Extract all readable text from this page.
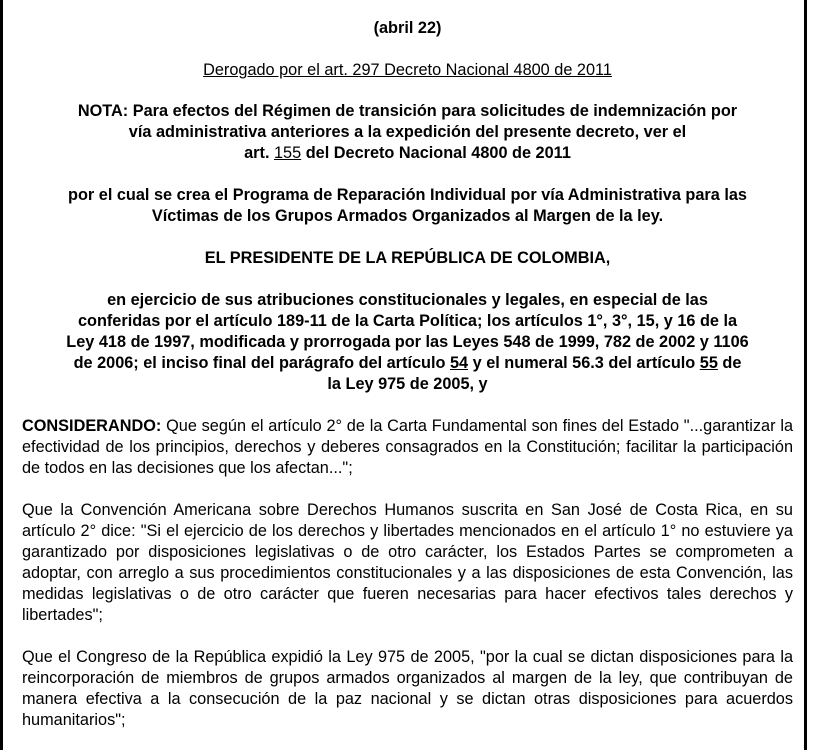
(abril 22)

Derogado por el art. 297 Decreto Nacional 4800 de 2011

NOTA: Para efectos del Régimen de transición para solicitudes de indemnización por

vía administrativa anteriores a la expedición del presente decreto, ver el

art. 155 del Decreto Nacional 4800 de 2011

por el cual se crea el Programa de Reparación Individual por vía Administrativa para las

Víctimas de los Grupos Armados Organizados al Margen de la ley.

EL PRESIDENTE DE LA REPÚBLICA DE COLOMBIA,

en ejercicio de sus atribuciones constitucionales y legales, en especial de las

conferidas por el artículo 189-11 de la Carta Política; los artículos 1°, 3°, 15, y 16 de la

Ley 418 de 1997, modificada y prorrogada por las Leyes 548 de 1999, 782 de 2002 y 1106

de 2006; el inciso final del parágrafo del artículo 54 y el numeral 56.3 del artículo 55 de

la Ley 975 de 2005, y

CONSIDERANDO: Que según el artículo 2° de la Carta Fundamental son fines del Estado "...garantizar la efectividad de los principios, derechos y deberes consagrados en la Constitución; facilitar la participación de todos en las decisiones que los afectan...";

Que la Convención Americana sobre Derechos Humanos suscrita en San José de Costa Rica, en su artículo 2° dice: "Si el ejercicio de los derechos y libertades mencionados en el artículo 1° no estuviere ya garantizado por disposiciones legislativas o de otro carácter, los Estados Partes se comprometen a adoptar, con arreglo a sus procedimientos constitucionales y a las disposiciones de esta Convención, las medidas legislativas o de otro carácter que fueren necesarias para hacer efectivos tales derechos y libertades";

Que el Congreso de la República expidió la Ley 975 de 2005, "por la cual se dictan disposiciones para la reincorporación de miembros de grupos armados organizados al margen de la ley, que contribuyan de manera efectiva a la consecución de la paz nacional y se dictan otras disposiciones para acuerdos humanitarios";
